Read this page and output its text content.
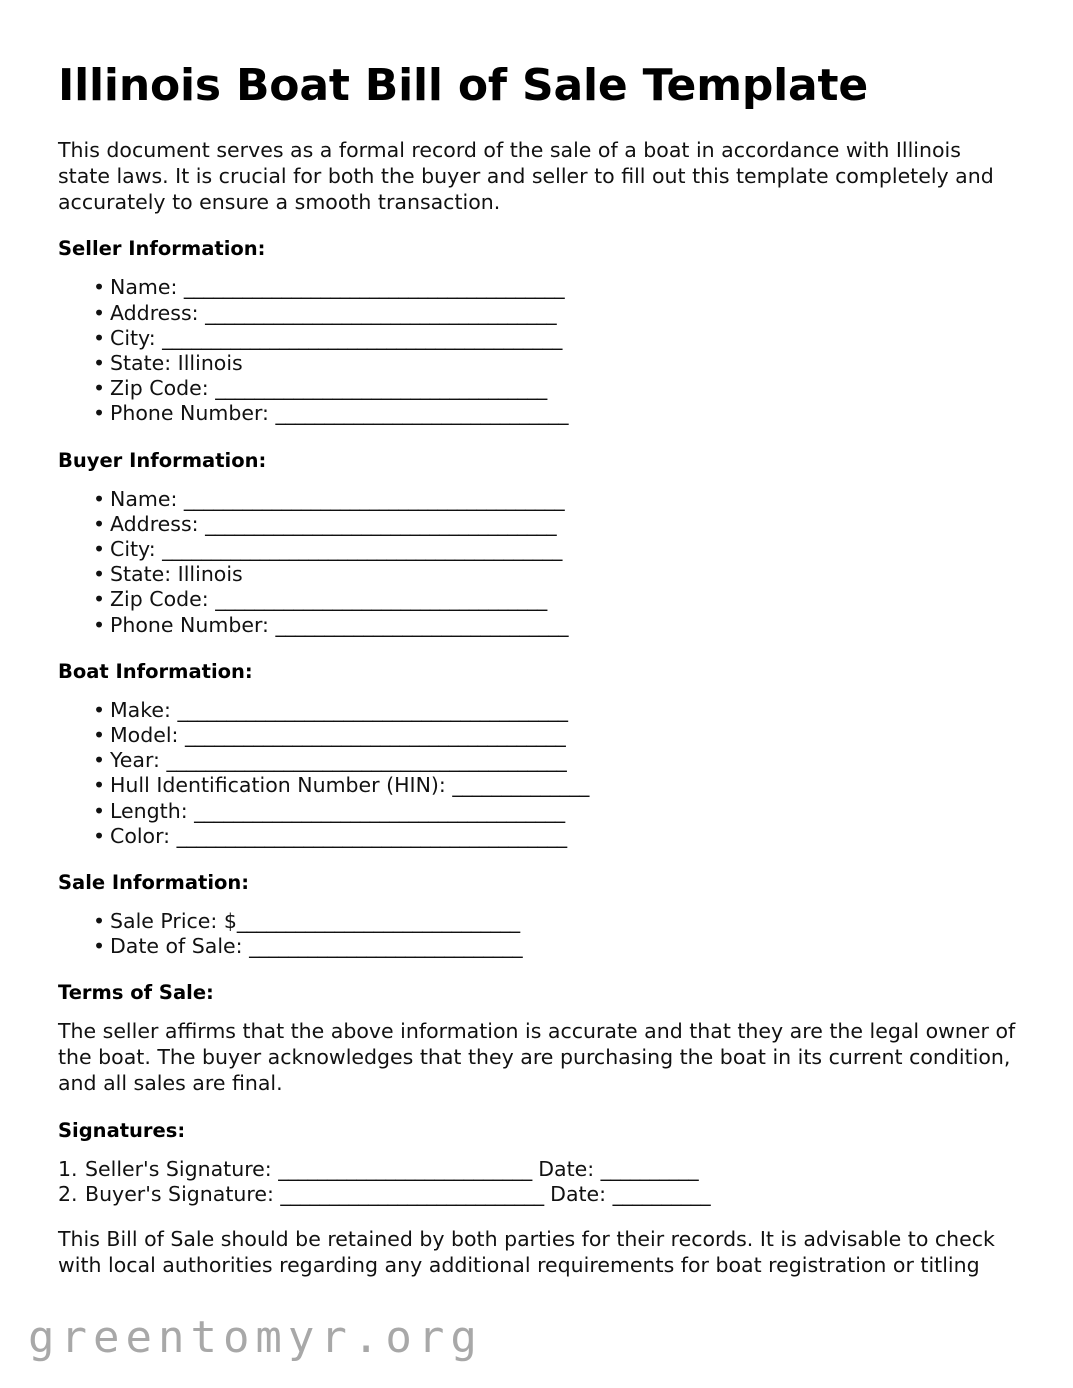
Illinois Boat Bill of Sale Template

This document serves as a formal record of the sale of a boat in accordance with Illinois state laws. It is crucial for both the buyer and seller to fill out this template completely and accurately to ensure a smooth transaction.

Seller Information:
• Name: _______________________________________
• Address: ____________________________________
• City: _________________________________________
• State: Illinois
• Zip Code: __________________________________
• Phone Number: ______________________________
Buyer Information:
• Name: _______________________________________
• Address: ____________________________________
• City: _________________________________________
• State: Illinois
• Zip Code: __________________________________
• Phone Number: ______________________________
Boat Information:
• Make: ________________________________________
• Model: _______________________________________
• Year: _________________________________________
• Hull Identification Number (HIN): ______________
• Length: ______________________________________
• Color: ________________________________________
Sale Information:
• Sale Price: $_____________________________
• Date of Sale: ____________________________
Terms of Sale:

The seller affirms that the above information is accurate and that they are the legal owner of the boat. The buyer acknowledges that they are purchasing the boat in its current condition, and all sales are final.

Signatures:
Seller's Signature: __________________________ Date: __________
Buyer's Signature: ___________________________ Date: __________

This Bill of Sale should be retained by both parties for their records. It is advisable to check with local authorities regarding any additional requirements for boat registration or titling

greentomyr.org
